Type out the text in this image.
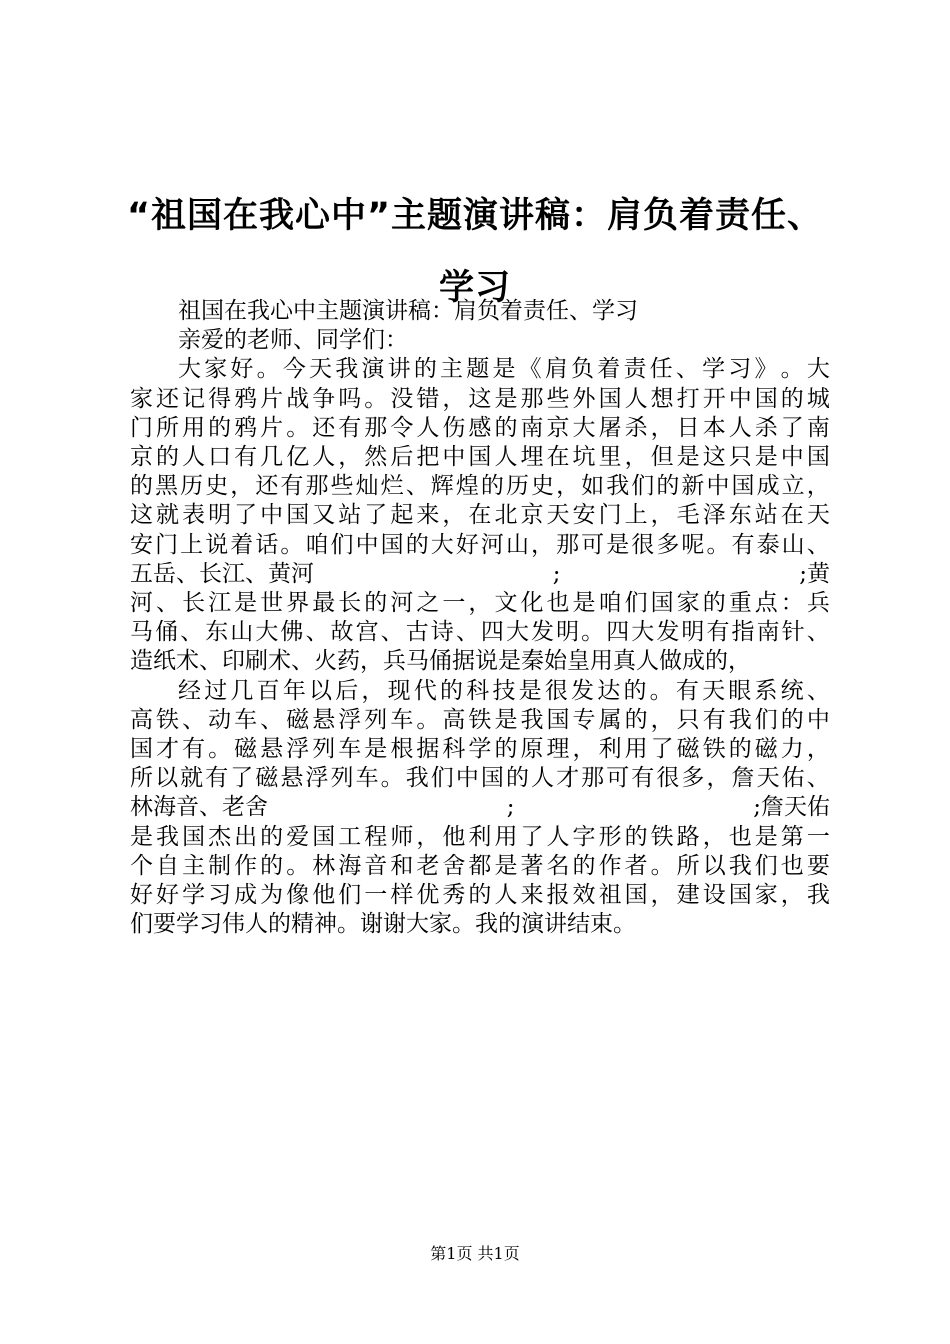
“祖国在我心中”主题演讲稿：肩负着责任、
学习
祖国在我心中主题演讲稿：肩负着责任、学习
亲爱的老师、同学们：
大 家 好 。 今 天 我 演 讲 的 主 题 是 《 肩 负 着 责 任 、 学 习 》 。 大
家 还 记 得 鸦 片 战 争 吗 。 没 错 ， 这 是 那 些 外 国 人 想 打 开 中 国 的 城
门 所 用 的 鸦 片 。 还 有 那 令 人 伤 感 的 南 京 大 屠 杀 ， 日 本 人 杀 了 南
京 的 人 口 有 几 亿 人 ， 然 后 把 中 国 人 埋 在 坑 里 ， 但 是 这 只 是 中 国
的 黑 历 史 ， 还 有 那 些 灿 烂 、 辉 煌 的 历 史 ， 如 我 们 的 新 中 国 成 立 ，
这 就 表 明 了 中 国 又 站 了 起 来 ， 在 北 京 天 安 门 上 ， 毛 泽 东 站 在 天
安 门 上 说 着 话 。 咱 们 中 国 的 大 好 河 山 ， 那 可 是 很 多 呢 。 有 泰 山 、
五岳、长江、黄河	;	;黄
河 、 长 江 是 世 界 最 长 的 河 之 一 ， 文 化 也 是 咱 们 国 家 的 重 点 ： 兵
马 俑 、 东 山 大 佛 、 故 宫 、 古 诗 、 四 大 发 明 。 四 大 发 明 有 指 南 针 、
造纸术、印刷术、火药，兵马俑据说是秦始皇用真人做成的，
经 过 几 百 年 以 后 ， 现 代 的 科 技 是 很 发 达 的 。 有 天 眼 系 统 、
高 铁 、 动 车 、 磁 悬 浮 列 车 。 高 铁 是 我 国 专 属 的 ， 只 有 我 们 的 中
国 才 有 。 磁 悬 浮 列 车 是 根 据 科 学 的 原 理 ， 利 用 了 磁 铁 的 磁 力 ，
所 以 就 有 了 磁 悬 浮 列 车 。 我 们 中 国 的 人 才 那 可 有 很 多 ， 詹 天 佑 、
林海音、老舍	;	;詹天佑
是 我 国 杰 出 的 爱 国 工 程 师 ， 他 利 用 了 人 字 形 的 铁 路 ， 也 是 第 一
个 自 主 制 作 的 。 林 海 音 和 老 舍 都 是 著 名 的 作 者 。 所 以 我 们 也 要
好 好 学 习 成 为 像 他 们 一 样 优 秀 的 人 来 报 效 祖 国 ， 建 设 国 家 ， 我
们要学习伟人的精神。谢谢大家。我的演讲结束。
第1页 共1页
